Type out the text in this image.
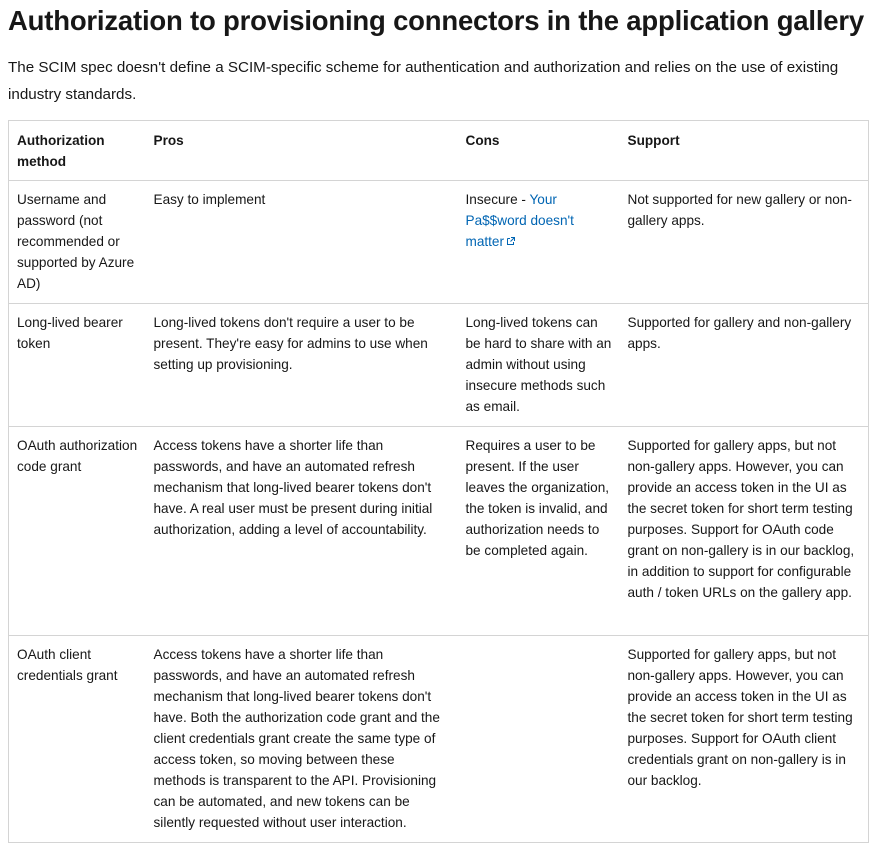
Authorization to provisioning connectors in the application gallery

The SCIM spec doesn't define a SCIM-specific scheme for authentication and authorization and relies on the use of existing industry standards.

Authorization method	Pros	Cons	Support
Username and password (not recommended or supported by Azure AD)	Easy to implement	Insecure - Your Pa$$word doesn't matter	Not supported for new gallery or non-gallery apps.
Long-lived bearer token	Long-lived tokens don't require a user to be present. They're easy for admins to use when setting up provisioning.	Long-lived tokens can be hard to share with an admin without using insecure methods such as email.	Supported for gallery and non-gallery apps.
OAuth authorization code grant	Access tokens have a shorter life than passwords, and have an automated refresh mechanism that long-lived bearer tokens don't have. A real user must be present during initial authorization, adding a level of accountability.	Requires a user to be present. If the user leaves the organization, the token is invalid, and authorization needs to be completed again.	Supported for gallery apps, but not non-gallery apps. However, you can provide an access token in the UI as the secret token for short term testing purposes. Support for OAuth code grant on non-gallery is in our backlog, in addition to support for configurable auth / token URLs on the gallery app.
OAuth client credentials grant	Access tokens have a shorter life than passwords, and have an automated refresh mechanism that long-lived bearer tokens don't have. Both the authorization code grant and the client credentials grant create the same type of access token, so moving between these methods is transparent to the API. Provisioning can be automated, and new tokens can be silently requested without user interaction.		Supported for gallery apps, but not non-gallery apps. However, you can provide an access token in the UI as the secret token for short term testing purposes. Support for OAuth client credentials grant on non-gallery is in our backlog.
